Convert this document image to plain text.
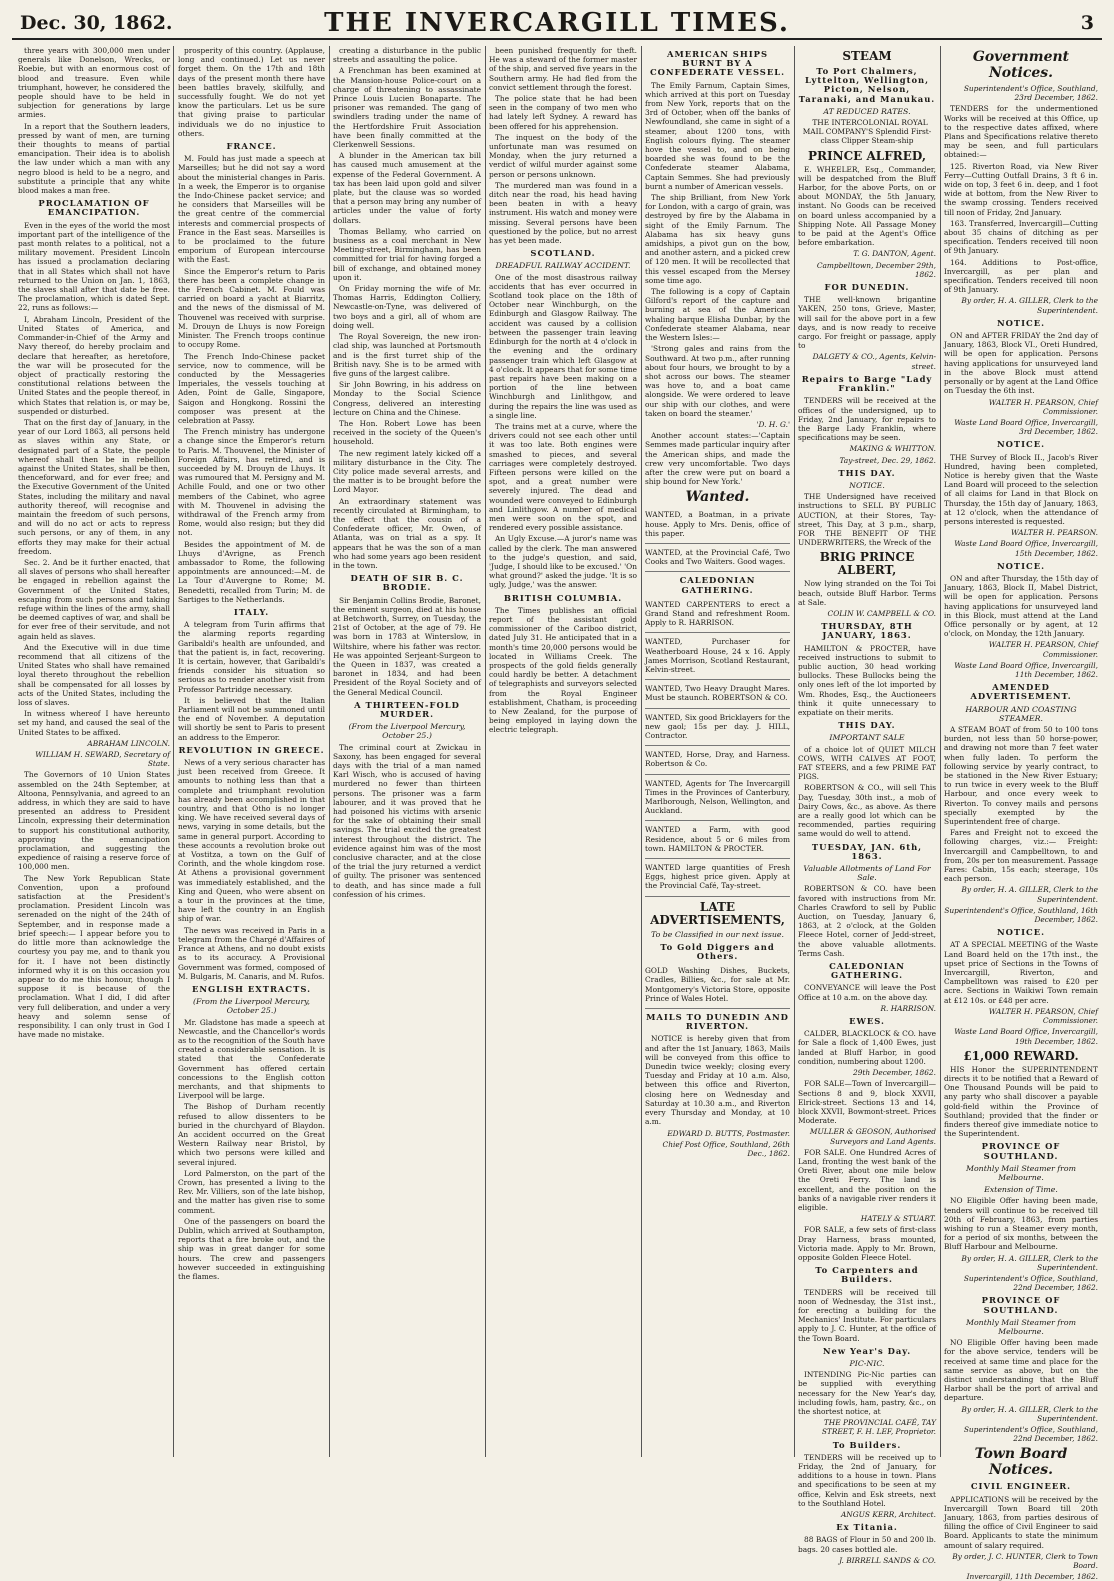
Dec. 30, 1862.	THE INVERCARGILL TIMES.	3

three years with 300,000 men under generals like Donelson, Wrecks, or Roebie, but with an enormous cost of blood and treasure. Even while triumphant, however, he considered the people should have to be held in subjection for generations by large armies.

In a report that the Southern leaders, pressed by want of men, are turning their thoughts to means of partial emancipation. Their idea is to abolish the law under which a man with any negro blood is held to be a negro, and substitute a principle that any white blood makes a man free.

PROCLAMATION OF EMANCIPATION.

Even in the eyes of the world the most important part of the intelligence of the past month relates to a political, not a military movement. President Lincoln has issued a proclamation declaring that in all States which shall not have returned to the Union on Jan. 1, 1863, the slaves shall after that date be free. The proclamation, which is dated Sept. 22, runs as follows:—

I, Abraham Lincoln, President of the United States of America, and Commander-in-Chief of the Army and Navy thereof, do hereby proclaim and declare that hereafter, as heretofore, the war will be prosecuted for the object of practically restoring the constitutional relations between the United States and the people thereof, in which States that relation is, or may be, suspended or disturbed.

That on the first day of January, in the year of our Lord 1863, all persons held as slaves within any State, or designated part of a State, the people whereof shall then be in rebellion against the United States, shall be then, thenceforward, and for ever free; and the Executive Government of the United States, including the military and naval authority thereof, will recognise and maintain the freedom of such persons, and will do no act or acts to repress such persons, or any of them, in any efforts they may make for their actual freedom.

Sec. 2. And be it further enacted, that all slaves of persons who shall hereafter be engaged in rebellion against the Government of the United States, escaping from such persons and taking refuge within the lines of the army, shall be deemed captives of war, and shall be for ever free of their servitude, and not again held as slaves.

And the Executive will in due time recommend that all citizens of the United States who shall have remained loyal thereto throughout the rebellion shall be compensated for all losses by acts of the United States, including the loss of slaves.

In witness whereof I have hereunto set my hand, and caused the seal of the United States to be affixed.

ABRAHAM LINCOLN.

WILLIAM H. SEWARD, Secretary of State.

The Governors of 10 Union States assembled on the 24th September, at Altoona, Pennsylvania, and agreed to an address, in which they are said to have presented an address to President Lincoln, expressing their determination to support his constitutional authority, approving the emancipation proclamation, and suggesting the expedience of raising a reserve force of 100,000 men.

The New York Republican State Convention, upon a profound satisfaction at the President's proclamation. President Lincoln was serenaded on the night of the 24th of September, and in response made a brief speech:— I appear before you to do little more than acknowledge the courtesy you pay me, and to thank you for it. I have not been distinctly informed why it is on this occasion you appear to do me this honour, though I suppose it is because of the proclamation. What I did, I did after very full deliberation, and under a very heavy and solemn sense of responsibility. I can only trust in God I have made no mistake.

prosperity of this country. (Applause, long and continued.) Let us never forget them. On the 17th and 18th days of the present month there have been battles bravely, skilfully, and successfully fought. We do not yet know the particulars. Let us be sure that giving praise to particular individuals we do no injustice to others.

FRANCE.

M. Fould has just made a speech at Marseilles; but he did not say a word about the ministerial changes in Paris. In a week, the Emperor is to organise the Indo-Chinese packet service; and he considers that Marseilles will be the great centre of the commercial interests and commercial prospects of France in the East seas. Marseilles is to be proclaimed to the future emporium of European intercourse with the East.

Since the Emperor's return to Paris there has been a complete change in the French Cabinet. M. Fould was carried on board a yacht at Biarritz, and the news of the dismissal of M. Thouvenel was received with surprise. M. Drouyn de Lhuys is now Foreign Minister. The French troops continue to occupy Rome.

The French Indo-Chinese packet service, now to commence, will be conducted by the Messageries Imperiales, the vessels touching at Aden, Point de Galle, Singapore, Saigon and Hongkong. Rossini the composer was present at the celebration at Passy.

The French ministry has undergone a change since the Emperor's return to Paris. M. Thouvenel, the Minister of Foreign Affairs, has retired, and is succeeded by M. Drouyn de Lhuys. It was rumoured that M. Persigny and M. Achille Fould, and one or two other members of the Cabinet, who agree with M. Thouvenel in advising the withdrawal of the French army from Rome, would also resign; but they did not.

Besides the appointment of M. de Lhuys d'Avrigne, as French ambassador to Rome, the following appointments are announced:—M. de La Tour d'Auvergne to Rome; M. Benedetti, recalled from Turin; M. de Sartiges to the Netherlands.

ITALY.

A telegram from Turin affirms that the alarming reports regarding Garibaldi's health are unfounded, and that the patient is, in fact, recovering. It is certain, however, that Garibaldi's friends consider his situation so serious as to render another visit from Professor Partridge necessary.

It is believed that the Italian Parliament will not be summoned until the end of November. A deputation will shortly be sent to Paris to present an address to the Emperor.

REVOLUTION IN GREECE.

News of a very serious character has just been received from Greece. It amounts to nothing less than that a complete and triumphant revolution has already been accomplished in that country, and that Otho is no longer king. We have received several days of news, varying in some details, but the same in general purport. According to these accounts a revolution broke out at Vostitza, a town on the Gulf of Corinth, and the whole kingdom rose. At Athens a provisional government was immediately established, and the King and Queen, who were absent on a tour in the provinces at the time, have left the country in an English ship of war.

The news was received in Paris in a telegram from the Chargé d'Affaires of France at Athens, and no doubt exists as to its accuracy. A Provisional Government was formed, composed of M. Bulgaris, M. Canaris, and M. Rufos.

ENGLISH EXTRACTS.
(From the Liverpool Mercury, October 25.)

Mr. Gladstone has made a speech at Newcastle, and the Chancellor's words as to the recognition of the South have created a considerable sensation. It is stated that the Confederate Government has offered certain concessions to the English cotton merchants, and that shipments to Liverpool will be large.

The Bishop of Durham recently refused to allow dissenters to be buried in the churchyard of Blaydon. An accident occurred on the Great Western Railway near Bristol, by which two persons were killed and several injured.

Lord Palmerston, on the part of the Crown, has presented a living to the Rev. Mr. Villiers, son of the late bishop, and the matter has given rise to some comment.

One of the passengers on board the Dublin, which arrived at Southampton, reports that a fire broke out, and the ship was in great danger for some hours. The crew and passengers however succeeded in extinguishing the flames.

creating a disturbance in the public streets and assaulting the police.

A Frenchman has been examined at the Mansion-house Police-court on a charge of threatening to assassinate Prince Louis Lucien Bonaparte. The prisoner was remanded. The gang of swindlers trading under the name of the Hertfordshire Fruit Association have been finally committed at the Clerkenwell Sessions.

A blunder in the American tax bill has caused much amusement at the expense of the Federal Government. A tax has been laid upon gold and silver plate, but the clause was so worded that a person may bring any number of articles under the value of forty dollars.

Thomas Bellamy, who carried on business as a coal merchant in New Meeting-street, Birmingham, has been committed for trial for having forged a bill of exchange, and obtained money upon it.

On Friday morning the wife of Mr. Thomas Harris, Eddington Colliery, Newcastle-on-Tyne, was delivered of two boys and a girl, all of whom are doing well.

The Royal Sovereign, the new iron-clad ship, was launched at Portsmouth and is the first turret ship of the British navy. She is to be armed with five guns of the largest calibre.

Sir John Bowring, in his address on Monday to the Social Science Congress, delivered an interesting lecture on China and the Chinese.

The Hon. Robert Lowe has been received in the society of the Queen's household.

The new regiment lately kicked off a military disturbance in the City. The City police made several arrests, and the matter is to be brought before the Lord Mayor.

An extraordinary statement was recently circulated at Birmingham, to the effect that the cousin of a Confederate officer, Mr. Owen, of Atlanta, was on trial as a spy. It appears that he was the son of a man who had some years ago been resident in the town.

DEATH OF SIR B. C. BRODIE.

Sir Benjamin Collins Brodie, Baronet, the eminent surgeon, died at his house at Betchworth, Surrey, on Tuesday, the 21st of October, at the age of 79. He was born in 1783 at Winterslow, in Wiltshire, where his father was rector. He was appointed Serjeant-Surgeon to the Queen in 1837, was created a baronet in 1834, and had been President of the Royal Society and of the General Medical Council.

A THIRTEEN-FOLD MURDER.
(From the Liverpool Mercury, October 25.)

The criminal court at Zwickau in Saxony, has been engaged for several days with the trial of a man named Karl Wisch, who is accused of having murdered no fewer than thirteen persons. The prisoner was a farm labourer, and it was proved that he had poisoned his victims with arsenic for the sake of obtaining their small savings. The trial excited the greatest interest throughout the district. The evidence against him was of the most conclusive character, and at the close of the trial the jury returned a verdict of guilty. The prisoner was sentenced to death, and has since made a full confession of his crimes.

been punished frequently for theft. He was a steward of the former master of the ship, and served five years in the Southern army. He had fled from the convict settlement through the forest.

The police state that he had been seen in the company of two men who had lately left Sydney. A reward has been offered for his apprehension.

The inquest on the body of the unfortunate man was resumed on Monday, when the jury returned a verdict of wilful murder against some person or persons unknown.

The murdered man was found in a ditch near the road, his head having been beaten in with a heavy instrument. His watch and money were missing. Several persons have been questioned by the police, but no arrest has yet been made.

SCOTLAND.
DREADFUL RAILWAY ACCIDENT.

One of the most disastrous railway accidents that has ever occurred in Scotland took place on the 18th of October near Winchburgh, on the Edinburgh and Glasgow Railway. The accident was caused by a collision between the passenger train leaving Edinburgh for the north at 4 o'clock in the evening and the ordinary passenger train which left Glasgow at 4 o'clock. It appears that for some time past repairs have been making on a portion of the line between Winchburgh and Linlithgow, and during the repairs the line was used as a single line.

The trains met at a curve, where the drivers could not see each other until it was too late. Both engines were smashed to pieces, and several carriages were completely destroyed. Fifteen persons were killed on the spot, and a great number were severely injured. The dead and wounded were conveyed to Edinburgh and Linlithgow. A number of medical men were soon on the spot, and rendered every possible assistance.

An Ugly Excuse.—A juror's name was called by the clerk. The man answered to the judge's question, and said, 'Judge, I should like to be excused.' 'On what ground?' asked the judge. 'It is so ugly, Judge,' was the answer.

BRITISH COLUMBIA.

The Times publishes an official report of the assistant gold commissioner of the Cariboo district, dated July 31. He anticipated that in a month's time 20,000 persons would be located in Williams Creek. The prospects of the gold fields generally could hardly be better. A detachment of telegraphists and surveyors selected from the Royal Engineer establishment, Chatham, is proceeding to New Zealand, for the purpose of being employed in laying down the electric telegraph.

AMERICAN SHIPS BURNT BY A CONFEDERATE VESSEL.

The Emily Farnum, Captain Simes, which arrived at this port on Tuesday from New York, reports that on the 3rd of October, when off the banks of Newfoundland, she came in sight of a steamer, about 1200 tons, with English colours flying. The steamer hove the vessel to, and on being boarded she was found to be the Confederate steamer Alabama, Captain Semmes. She had previously burnt a number of American vessels.

The ship Brilliant, from New York for London, with a cargo of grain, was destroyed by fire by the Alabama in sight of the Emily Farnum. The Alabama has six heavy guns amidships, a pivot gun on the bow, and another astern, and a picked crew of 120 men. It will be recollected that this vessel escaped from the Mersey some time ago.

The following is a copy of Captain Gilford's report of the capture and burning at sea of the American whaling barque Elisha Dunbar, by the Confederate steamer Alabama, near the Western Isles:—

'Strong gales and rains from the Southward. At two p.m., after running about four hours, we brought to by a shot across our bows. The steamer was hove to, and a boat came alongside. We were ordered to leave our ship with our clothes, and were taken on board the steamer.'

'D. H. G.'

Another account states:—'Captain Semmes made particular inquiry after the American ships, and made the crew very uncomfortable. Two days after the crew were put on board a ship bound for New York.'

Wanted.

WANTED, a Boatman, in a private house. Apply to Mrs. Denis, office of this paper.

WANTED, at the Provincial Café, Two Cooks and Two Waiters. Good wages.

CALEDONIAN GATHERING.

WANTED CARPENTERS to erect a Grand Stand and refreshment Room. Apply to R. HARRISON.

WANTED, Purchaser for Weatherboard House, 24 x 16. Apply James Morrison, Scotland Restaurant, Kelvin-street.

WANTED, Two Heavy Draught Mares. Must be staunch. ROBERTSON & CO.

WANTED, Six good Bricklayers for the new gaol; 15s per day. J. HILL, Contractor.

WANTED, Horse, Dray, and Harness. Robertson & Co.

WANTED, Agents for The Invercargill Times in the Provinces of Canterbury, Marlborough, Nelson, Wellington, and Auckland.

WANTED a Farm, with good Residence, about 5 or 6 miles from town. HAMILTON & PROCTER.

WANTED large quantities of Fresh Eggs, highest price given. Apply at the Provincial Café, Tay-street.

LATE ADVERTISEMENTS,
To be Classified in our next issue.
To Gold Diggers and Others.

GOLD Washing Dishes, Buckets, Cradles, Billies, &c., for sale at Mr. Montgomery's Victoria Store, opposite Prince of Wales Hotel.

MAILS TO DUNEDIN AND RIVERTON.

NOTICE is hereby given that from and after the 1st January, 1863, Mails will be conveyed from this office to Dunedin twice weekly; closing every Tuesday and Friday at 10 a.m. Also, between this office and Riverton, closing here on Wednesday and Saturday at 10.30 a.m., and Riverton every Thursday and Monday, at 10 a.m.

EDWARD D. BUTTS, Postmaster.

Chief Post Office, Southland, 26th Dec., 1862.

STEAM
To Port Chalmers, Lyttelton, Wellington, Picton, Nelson, Taranaki, and Manukau.
AT REDUCED RATES.

THE INTERCOLONIAL ROYAL MAIL COMPANY'S Splendid First-class Clipper Steam-ship

PRINCE ALFRED,

E. WHEELER, Esq., Commander, will be despatched from the Bluff Harbor, for the above Ports, on or about MONDAY, the 5th January, instant. No Goods can be received on board unless accompanied by a Shipping Note. All Passage Money to be paid at the Agent's Office before embarkation.

T. G. DANTON, Agent.

Campbelltown, December 29th, 1862.

FOR DUNEDIN.

THE well-known brigantine YAKEN, 250 tons, Grieve, Master, will sail for the above port in a few days, and is now ready to receive cargo. For freight or passage, apply to

DALGETY & CO., Agents, Kelvin-street.

Repairs to Barge "Lady Franklin."

TENDERS will be received at the offices of the undersigned, up to Friday, 2nd January, for repairs to the Barge Lady Franklin, where specifications may be seen.

MAKING & WHITTON.

Tay-street, Dec. 29, 1862.

THIS DAY.
NOTICE.

THE Undersigned have received instructions to SELL BY PUBLIC AUCTION, at their Stores, Tay-street, This Day, at 3 p.m., sharp, FOR THE BENEFIT OF THE UNDERWRITERS, the Wreck of the

BRIG PRINCE ALBERT,

Now lying stranded on the Toi Toi beach, outside Bluff Harbor. Terms at Sale.

COLIN W. CAMPBELL & CO.

THURSDAY, 8TH JANUARY, 1863.

HAMILTON & PROCTER, have received instructions to submit to public auction, 30 head working bullocks. These Bullocks being the only ones left of the lot imported by Wm. Rhodes, Esq., the Auctioneers think it quite unnecessary to expatiate on their merits.

THIS DAY.
IMPORTANT SALE

of a choice lot of QUIET MILCH COWS, WITH CALVES AT FOOT, FAT STEERS, and a few PRIME FAT PIGS.

ROBERTSON & CO., will sell This Day, Tuesday, 30th inst., a mob of Dairy Cows, &c., as above. As there are a really good lot which can be recommended, parties requiring same would do well to attend.

TUESDAY, JAN. 6th, 1863.
Valuable Allotments of Land For Sale.

ROBERTSON & CO. have been favored with instructions from Mr. Charles Crawford to sell by Public Auction, on Tuesday, January 6, 1863, at 2 o'clock, at the Golden Fleece Hotel, corner of Jedd-street, the above valuable allotments. Terms Cash.

CALEDONIAN GATHERING.

CONVEYANCE will leave the Post Office at 10 a.m. on the above day.

R. HARRISON.

EWES.

CALDER, BLACKLOCK & CO. have for Sale a flock of 1,400 Ewes, just landed at Bluff Harbor, in good condition, numbering about 1200.

29th December, 1862.

FOR SALE—Town of Invercargill—Sections 8 and 9, block XXVII, Elrick-street. Sections 13 and 14, block XXVII, Bowmont-street. Prices Moderate.

MULLER & GEOSON, Authorised Surveyors and Land Agents.

FOR SALE. One Hundred Acres of Land, fronting the west bank of the Oreti River, about one mile below the Oreti Ferry. The land is excellent, and the position on the banks of a navigable river renders it eligible.

HATELY & STUART.

FOR SALE, a few sets of first-class Dray Harness, brass mounted, Victoria made. Apply to Mr. Brown, opposite Golden Fleece Hotel.

To Carpenters and Builders.

TENDERS will be received till noon of Wednesday, the 31st inst., for erecting a building for the Mechanics' Institute. For particulars apply to J. C. Hunter, at the office of the Town Board.

New Year's Day.
PIC-NIC.

INTENDING Pic-Nic parties can be supplied with everything necessary for the New Year's day, including fowls, ham, pastry, &c., on the shortest notice, at

THE PROVINCIAL CAFÉ, TAY STREET, F. H. LEF, Proprietor.

To Builders.

TENDERS will be received up to Friday, the 2nd of January, for additions to a house in town. Plans and specifications to be seen at my office, Kelvin and Esk streets, next to the Southland Hotel.

ANGUS KERR, Architect.

Ex Titania.

88 BAGS of Flour in 50 and 200 lb. bags. 20 cases bottled ale.

J. BIRRELL SANDS & CO.

Government Notices.

Superintendent's Office, Southland, 23rd December, 1862.

TENDERS for the undermentioned Works will be received at this Office, up to the respective dates affixed, where Plans and Specifications relative thereto may be seen, and full particulars obtained:—

125. Riverton Road, via New River Ferry—Cutting Outfall Drains, 3 ft 6 in. wide on top, 3 feet 6 in. deep, and 1 foot wide at bottom, from the New River to the swamp crossing. Tenders received till noon of Friday, 2nd January.

163. Transferred, Invercargill—Cutting about 35 chains of ditching as per specification. Tenders received till noon of 9th January.

164. Additions to Post-office, Invercargill, as per plan and specification. Tenders received till noon of 9th January.

By order, H. A. GILLER, Clerk to the Superintendent.

NOTICE.

ON and AFTER FRIDAY the 2nd day of January, 1863, Block VI., Oreti Hundred, will be open for application. Persons having applications for unsurveyed land in the above Block must attend personally or by agent at the Land Office on Tuesday the 6th inst.

WALTER H. PEARSON, Chief Commissioner.

Waste Land Board Office, Invercargill, 3rd December, 1862.

NOTICE.

THE Survey of Block II., Jacob's River Hundred, having been completed, Notice is hereby given that the Waste Land Board will proceed to the selection of all claims for Land in that Block on Thursday, the 15th day of January, 1863, at 12 o'clock, when the attendance of persons interested is requested.

WALTER H. PEARSON.

Waste Land Board Office, Invercargill, 15th December, 1862.

NOTICE.

ON and after Thursday, the 15th day of January, 1863, Block II, Mabel District, will be open for application. Persons having applications for unsurveyed land in this Block, must attend at the Land Office personally or by agent, at 12 o'clock, on Monday, the 12th January.

WALTER H. PEARSON, Chief Commissioner.

Waste Land Board Office, Invercargill, 11th December, 1862.

AMENDED ADVERTISEMENT.
HARBOUR AND COASTING STEAMER.

A STEAM BOAT of from 50 to 100 tons burden, not less than 50 horse-power, and drawing not more than 7 feet water when fully laden. To perform the following service by yearly contract, to be stationed in the New River Estuary; to run twice in every week to the Bluff Harbour, and once every week to Riverton. To convey mails and persons specially exempted by the Superintendent free of charge.

Fares and Freight not to exceed the following charges, viz.:— Freight: Invercargill and Campbelltown, to and from, 20s per ton measurement. Passage Fares: Cabin, 15s each; steerage, 10s each person.

By order, H. A. GILLER, Clerk to the Superintendent.

Superintendent's Office, Southland, 16th December, 1862.

NOTICE.

AT A SPECIAL MEETING of the Waste Land Board held on the 17th inst., the upset price of Sections in the Towns of Invercargill, Riverton, and Campbelltown was raised to £20 per acre. Sections in Waikiwi Town remain at £12 10s. or £48 per acre.

WALTER H. PEARSON, Chief Commissioner.

Waste Land Board Office, Invercargill, 19th December, 1862.

£1,000 REWARD.

HIS Honor the SUPERINTENDENT directs it to be notified that a Reward of One Thousand Pounds will be paid to any party who shall discover a payable gold-field within the Province of Southland; provided that the finder or finders thereof give immediate notice to the Superintendent.

PROVINCE OF SOUTHLAND.
Monthly Mail Steamer from Melbourne.
Extension of Time.

NO Eligible Offer having been made, tenders will continue to be received till 20th of February, 1863, from parties wishing to run a Steamer every month, for a period of six months, between the Bluff Harbour and Melbourne.

By order, H. A. GILLER, Clerk to the Superintendent.

Superintendent's Office, Southland, 22nd December, 1862.

PROVINCE OF SOUTHLAND.
Monthly Mail Steamer from Melbourne.

NO Eligible Offer having been made for the above service, tenders will be received at same time and place for the same service as above, but on the distinct understanding that the Bluff Harbor shall be the port of arrival and departure.

By order, H. A. GILLER, Clerk to the Superintendent.

Superintendent's Office, Southland, 22nd December, 1862.

Town Board Notices.
CIVIL ENGINEER.

APPLICATIONS will be received by the Invercargill Town Board till 20th January, 1863, from parties desirous of filling the office of Civil Engineer to said Board. Applicants to state the minimum amount of salary required.

By order, J. C. HUNTER, Clerk to Town Board.

Invercargill, 11th December, 1862.
